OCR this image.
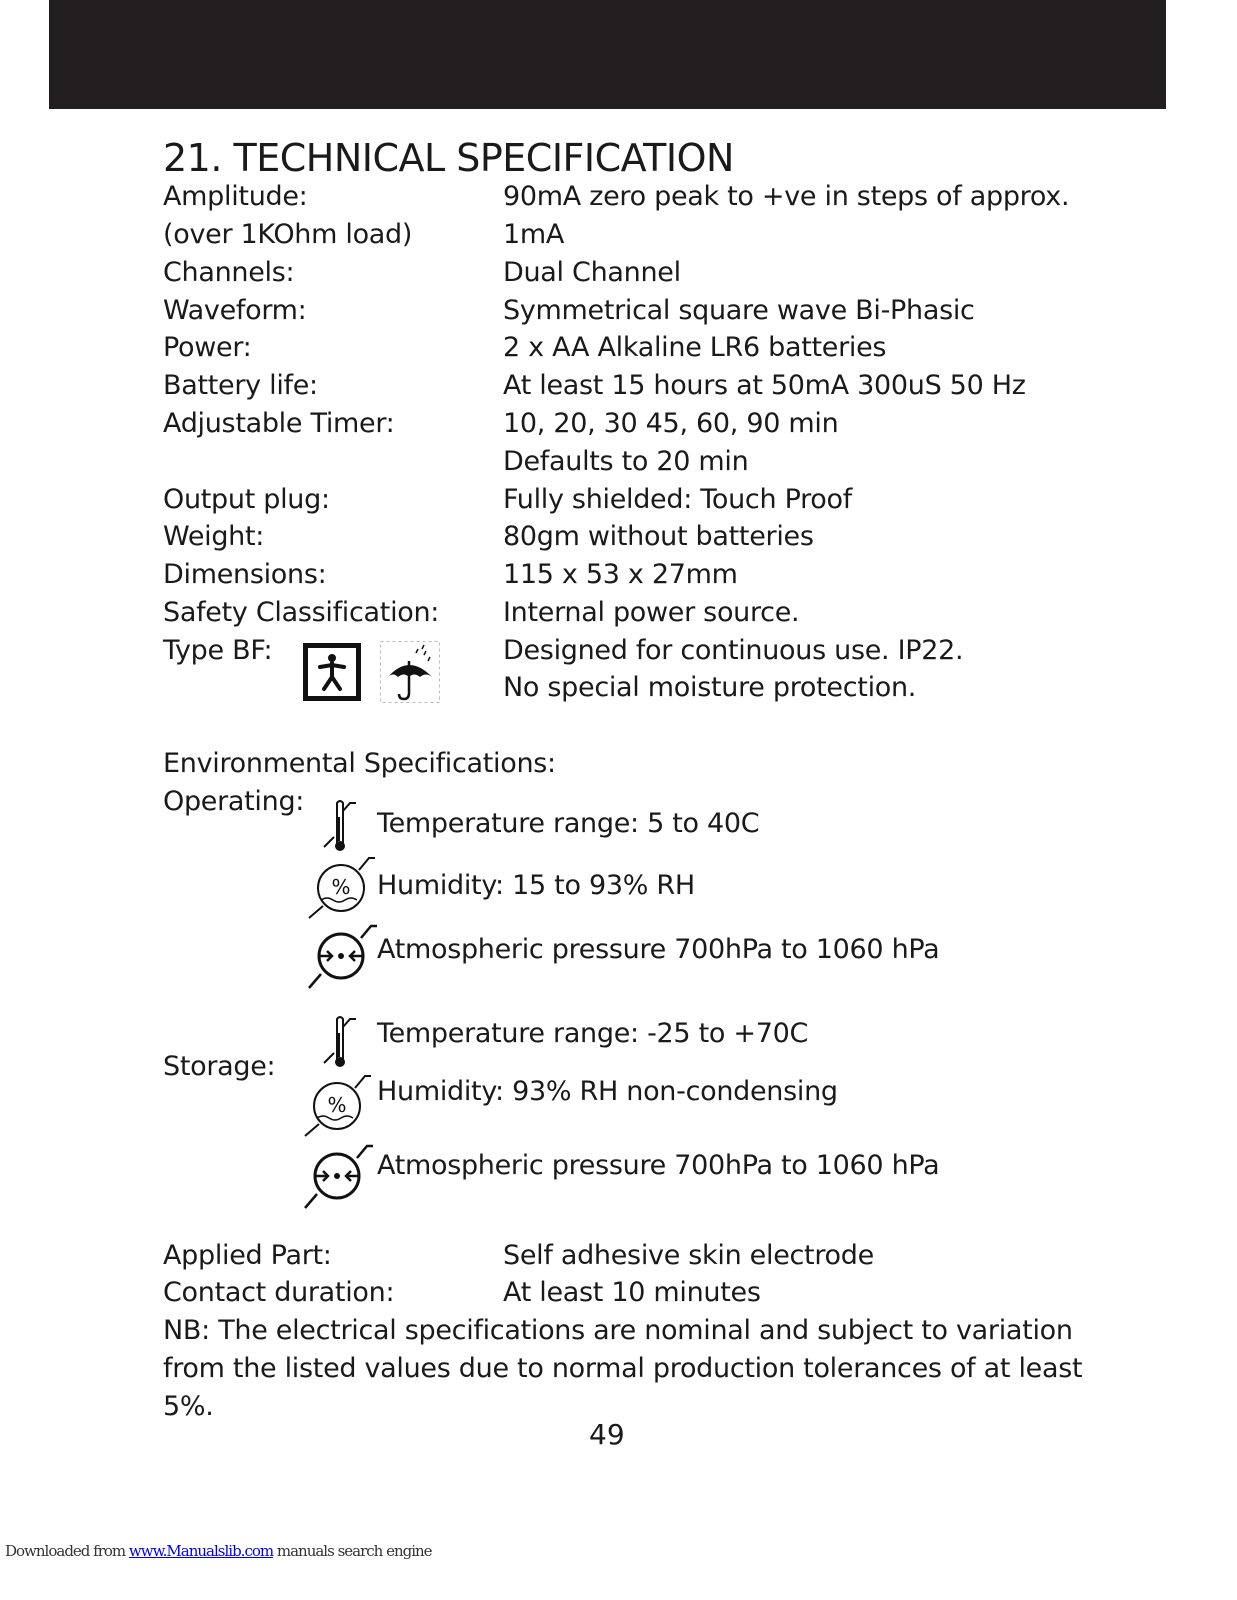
21. TECHNICAL SPECIFICATION
Amplitude:	90mA zero peak to +ve in steps of approx.
(over 1KOhm load)	1mA
Channels:	Dual Channel
Waveform:	Symmetrical square wave Bi-Phasic
Power:	2 x AA Alkaline LR6 batteries
Battery life:	At least 15 hours at 50mA 300uS 50 Hz
Adjustable Timer:	10, 20, 30 45, 60, 90 min
Defaults to 20 min
Output plug:	Fully shielded: Touch Proof
Weight:	80gm without batteries
Dimensions:	115 x 53 x 27mm
Safety Classification: Internal power source.
Type BF:	Designed for continuous use. IP22.
No special moisture protection.
Environmental Specifications:
Operating:
Temperature range: 5 to 40C
% Humidity: 15 to 93% RH
Atmospheric pressure 700hPa to 1060 hPa
Storage:
Temperature range: -25 to +70C
% Humidity: 93% RH non-condensing
Atmospheric pressure 700hPa to 1060 hPa
Applied Part:	Self adhesive skin electrode
Contact duration:	At least 10 minutes
NB: The electrical specifications are nominal and subject to variation
from the listed values due to normal production tolerances of at least
5%.
49
Downloaded from www.Manualslib.com manuals search engine
